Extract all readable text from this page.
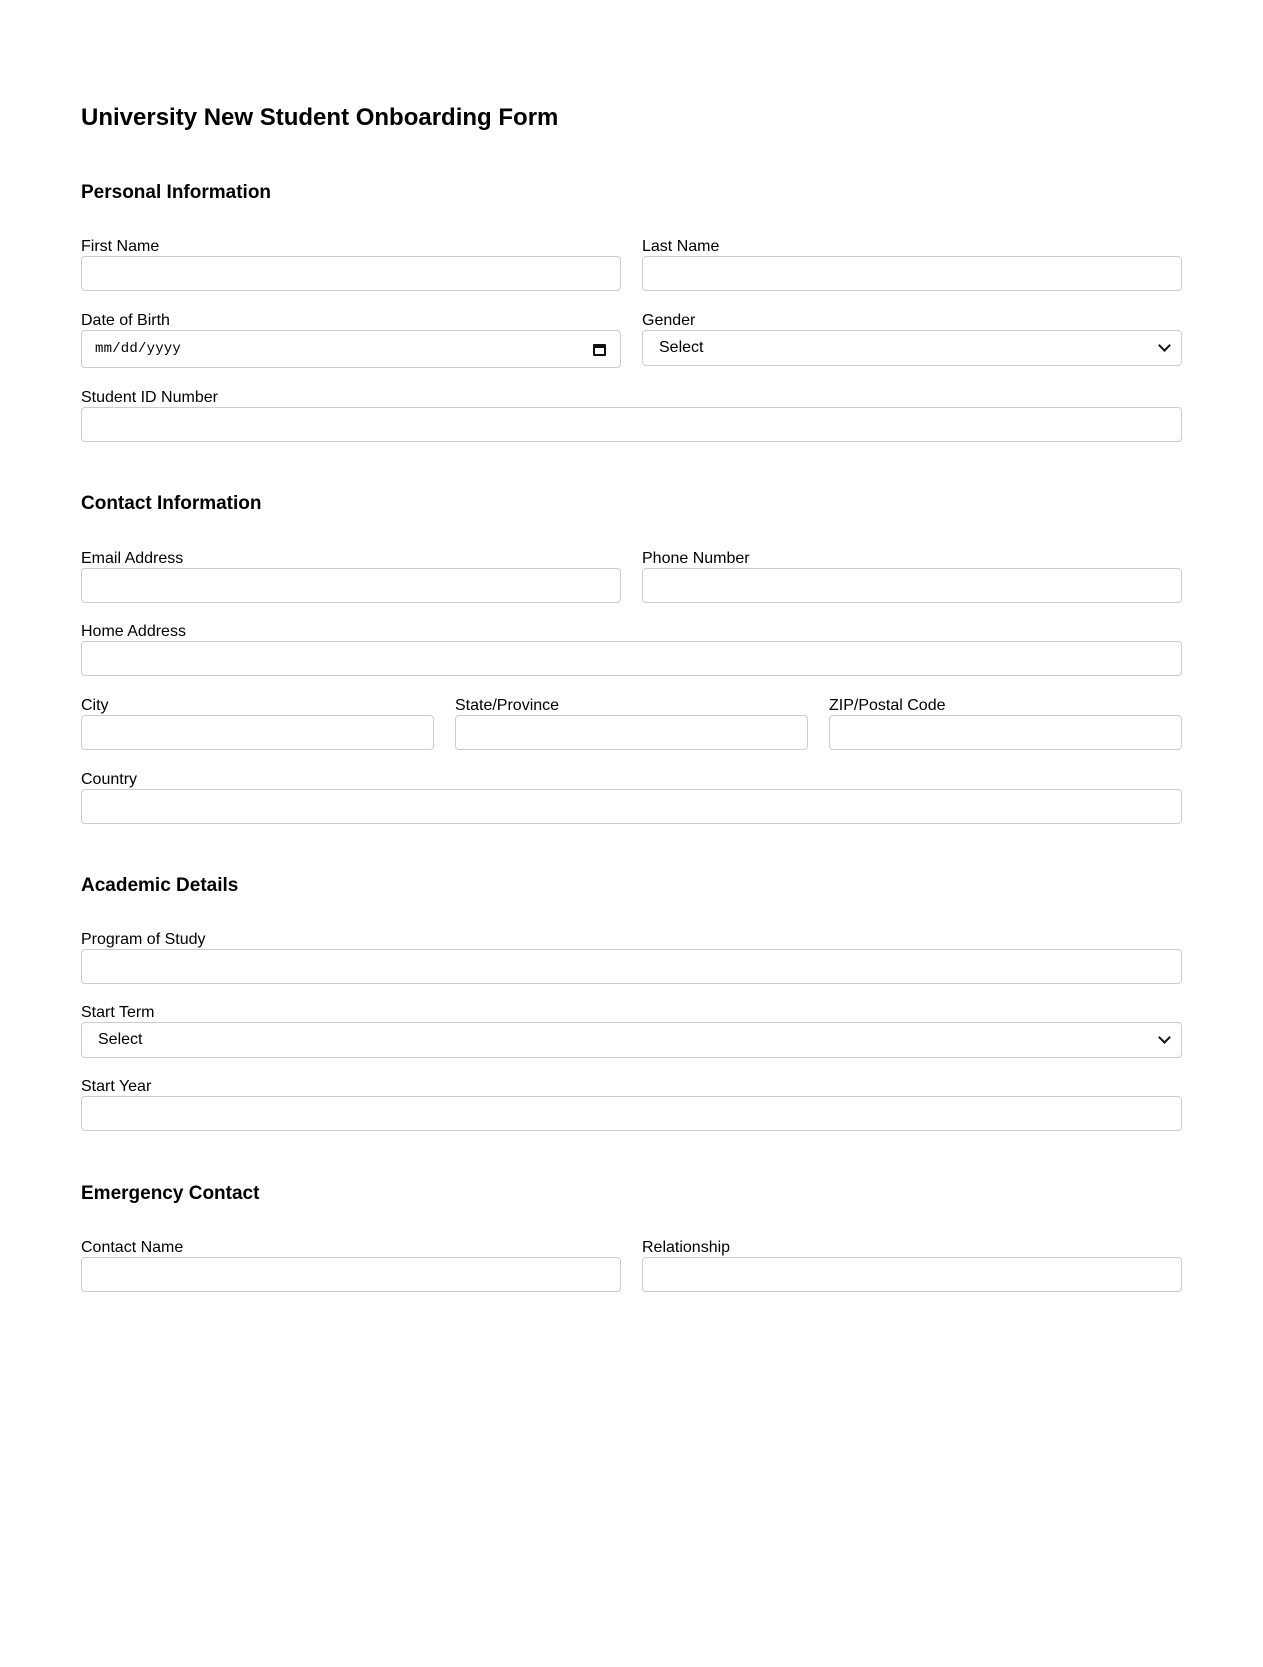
University New Student Onboarding Form
Personal Information
First Name	Last Name
Date of Birth
mm/dd/yyyy
Gender
Select
Student ID Number
Contact Information
Email Address	Phone Number
Home Address
City	State/Province	ZIP/Postal Code
Country
Academic Details
Program of Study
Start Term
Select
Start Year
Emergency Contact
Contact Name	Relationship
